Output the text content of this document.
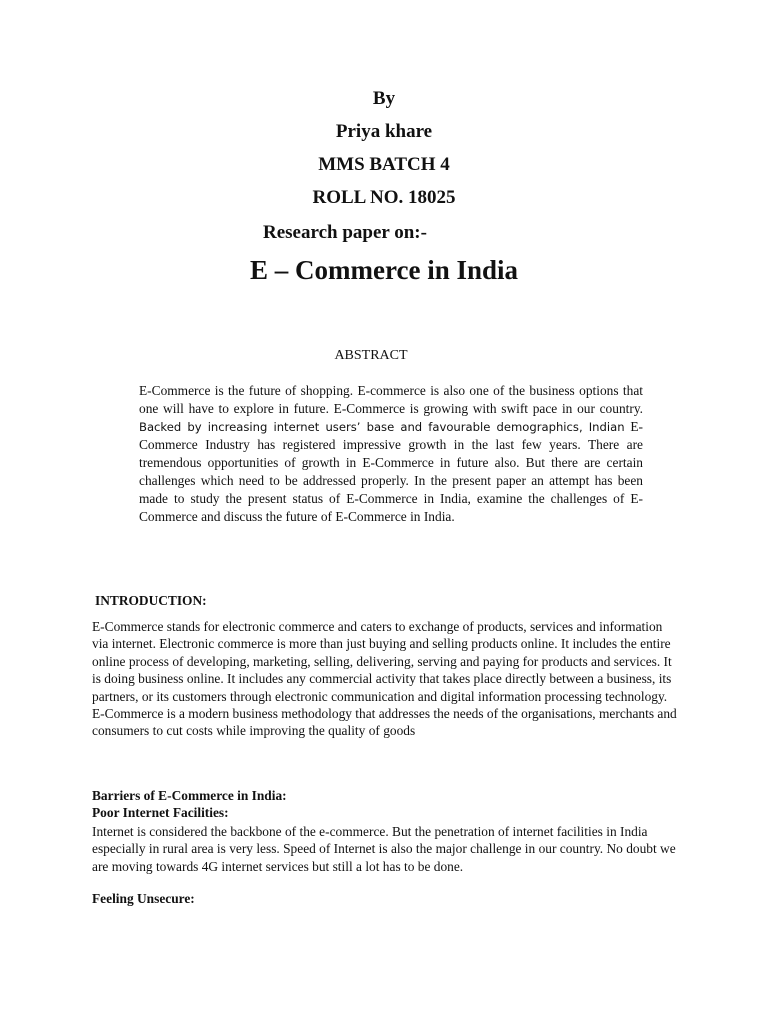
By
Priya khare
MMS BATCH 4
ROLL NO. 18025
Research paper on:-
E – Commerce in India
ABSTRACT
E-Commerce is the future of shopping. E-commerce is also one of the business options that one will have to explore in future. E-Commerce is growing with swift pace in our country. Backed by increasing internet users’ base and favourable demographics, Indian E-Commerce Industry has registered impressive growth in the last few years. There are tremendous opportunities of growth in E-Commerce in future also. But there are certain challenges which need to be addressed properly. In the present paper an attempt has been made to study the present status of E-Commerce in India, examine the challenges of E-Commerce and discuss the future of E-Commerce in India.
INTRODUCTION:
E-Commerce stands for electronic commerce and caters to exchange of products, services and information via internet. Electronic commerce is more than just buying and selling products online. It includes the entire online process of developing, marketing, selling, delivering, serving and paying for products and services. It is doing business online. It includes any commercial activity that takes place directly between a business, its partners, or its customers through electronic communication and digital information processing technology. E-Commerce is a modern business methodology that addresses the needs of the organisations, merchants and consumers to cut costs while improving the quality of goods
Barriers of E-Commerce in India:
Poor Internet Facilities:
Internet is considered the backbone of the e-commerce. But the penetration of internet facilities in India especially in rural area is very less. Speed of Internet is also the major challenge in our country. No doubt we are moving towards 4G internet services but still a lot has to be done.
Feeling Unsecure:
